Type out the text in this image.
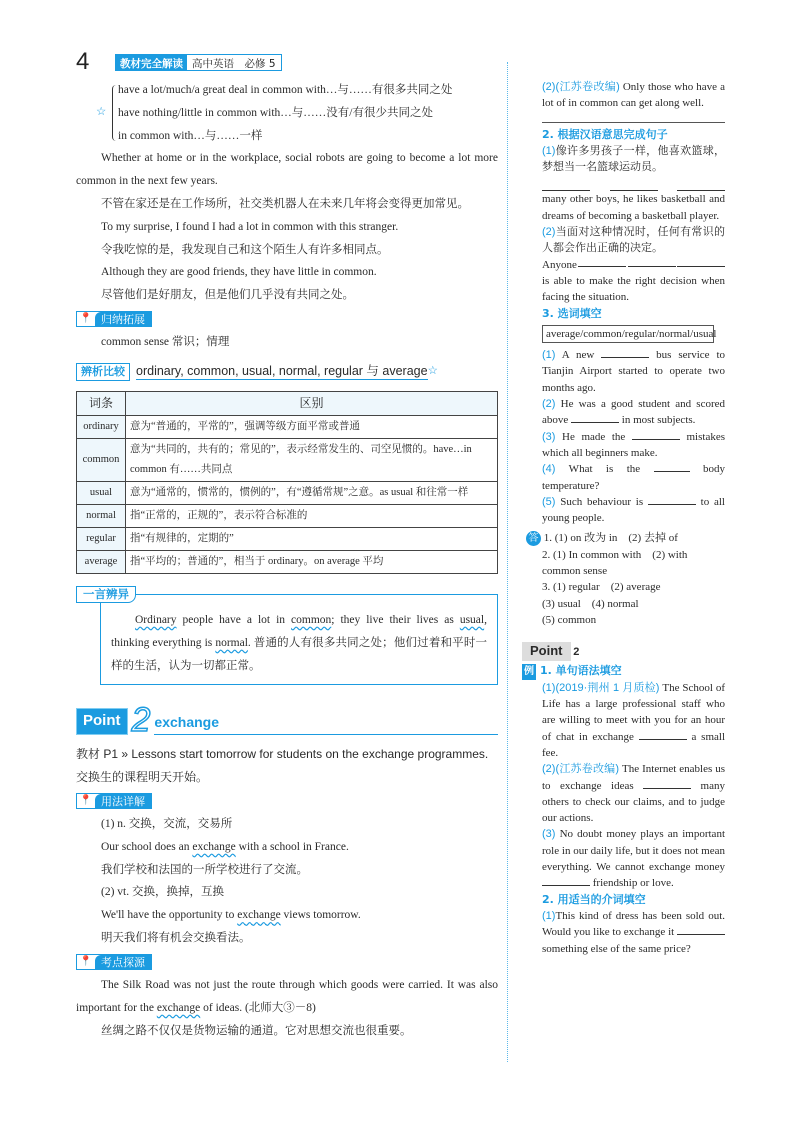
4	教材完全解读 高中英语　必修 5
☆
have a lot/much/a great deal in common with…与……有很多共同之处
have nothing/little in common with…与……没有/有很少共同之处
in common with…与……一样

Whether at home or in the workplace, social robots are going to become a lot more common in the next few years.

不管在家还是在工作场所，社交类机器人在未来几年将会变得更加常见。

To my surprise, I found I had a lot in common with this stranger.

令我吃惊的是，我发现自己和这个陌生人有许多相同点。

Although they are good friends, they have little in common.

尽管他们是好朋友，但是他们几乎没有共同之处。

📍 归纳拓展

common sense 常识；情理

辨析比较 ordinary, common, usual, normal, regular 与 average ☆
词条	区别
ordinary	意为“普通的，平常的”，强调等级方面平常或普通
common	意为“共同的，共有的；常见的”，表示经常发生的、司空见惯的。have…in common 有……共同点
usual	意为“通常的，惯常的，惯例的”，有“遵循常规”之意。as usual 和往常一样
normal	指“正常的，正规的”，表示符合标准的
regular	指“有规律的，定期的”
average	指“平均的；普通的”，相当于 ordinary。on average 平均
一言辨异

Ordinary people have a lot in common; they live their lives as usual, thinking everything is normal. 普通的人有很多共同之处；他们过着和平时一样的生活，认为一切都正常。

Point 2 exchange

教材 P1 » Lessons start tomorrow for students on the exchange programmes.

交换生的课程明天开始。

📍 用法详解

(1) n. 交换，交流，交易所

Our school does an exchange with a school in France.

我们学校和法国的一所学校进行了交流。

(2) vt. 交换，换掉，互换

We'll have the opportunity to exchange views tomorrow.

明天我们将有机会交换看法。

📍 考点探源

The Silk Road was not just the route through which goods were carried. It was also important for the exchange of ideas. (北师大③－8)

丝绸之路不仅仅是货物运输的通道。它对思想交流也很重要。

(2)(江苏卷改编) Only those who have a lot of in common can get along well.

2. 根据汉语意思完成句子

(1)像许多男孩子一样，他喜欢篮球，梦想当一名篮球运动员。

many other boys, he likes basketball and dreams of becoming a basketball player.

(2)当面对这种情况时，任何有常识的人都会作出正确的决定。

Anyone

is able to make the right decision when facing the situation.

3. 选词填空
average/common/regular/normal/usual

(1) A new	bus service to Tianjin Airport started to operate two months ago.

(2) He was a good student and scored above	in most subjects.

(3) He made the	mistakes which all beginners make.

(4) What is the	body temperature?

(5) Such behaviour is	to all young people.

答 1. (1) on 改为 in　(2) 去掉 of
2. (1) In common with　(2) with common sense
3. (1) regular　(2) average
(3) usual　(4) normal
(5) common
Point 2
例 1. 单句语法填空

(1)(2019·荆州 1 月质检) The School of Life has a large professional staff who are willing to meet with you for an hour of chat in exchange	a small fee.

(2)(江苏卷改编) The Internet enables us to exchange ideas	many others to check our claims, and to judge our actions.

(3) No doubt money plays an important role in our daily life, but it does not mean everything. We cannot exchange money  friendship or love.

2. 用适当的介词填空

(1)This kind of dress has been sold out. Would you like to exchange it  something else of the same price?
